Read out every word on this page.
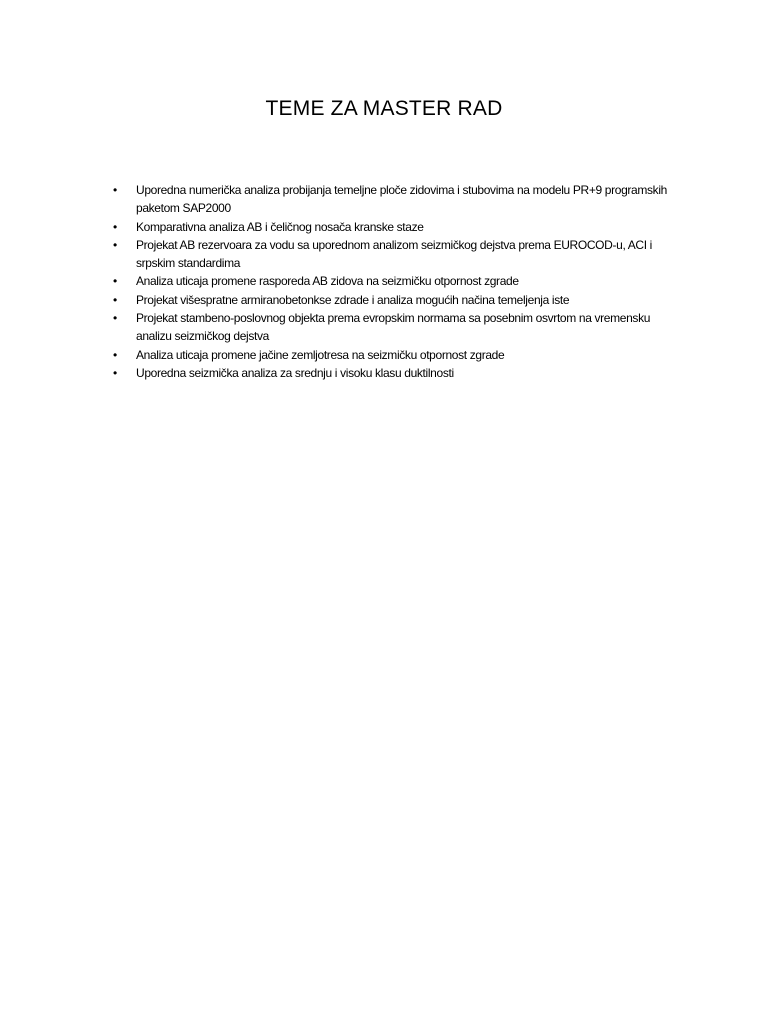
TEME ZA MASTER RAD
• Uporedna numerička analiza probijanja temeljne ploče zidovima i stubovima na modelu PR+9 programskih paketom SAP2000
• Komparativna analiza AB i čeličnog nosača kranske staze
• Projekat AB rezervoara za vodu sa uporednom analizom seizmičkog dejstva prema EUROCOD-u, ACI i srpskim standardima
• Analiza uticaja promene rasporeda AB zidova na seizmičku otpornost zgrade
• Projekat višespratne armiranobetonkse zdrade i analiza mogućih načina temeljenja iste
• Projekat stambeno-poslovnog objekta prema evropskim normama sa posebnim osvrtom na vremensku analizu seizmičkog dejstva
• Analiza uticaja promene jačine zemljotresa na seizmičku otpornost zgrade
• Uporedna seizmička analiza za srednju i visoku klasu duktilnosti
